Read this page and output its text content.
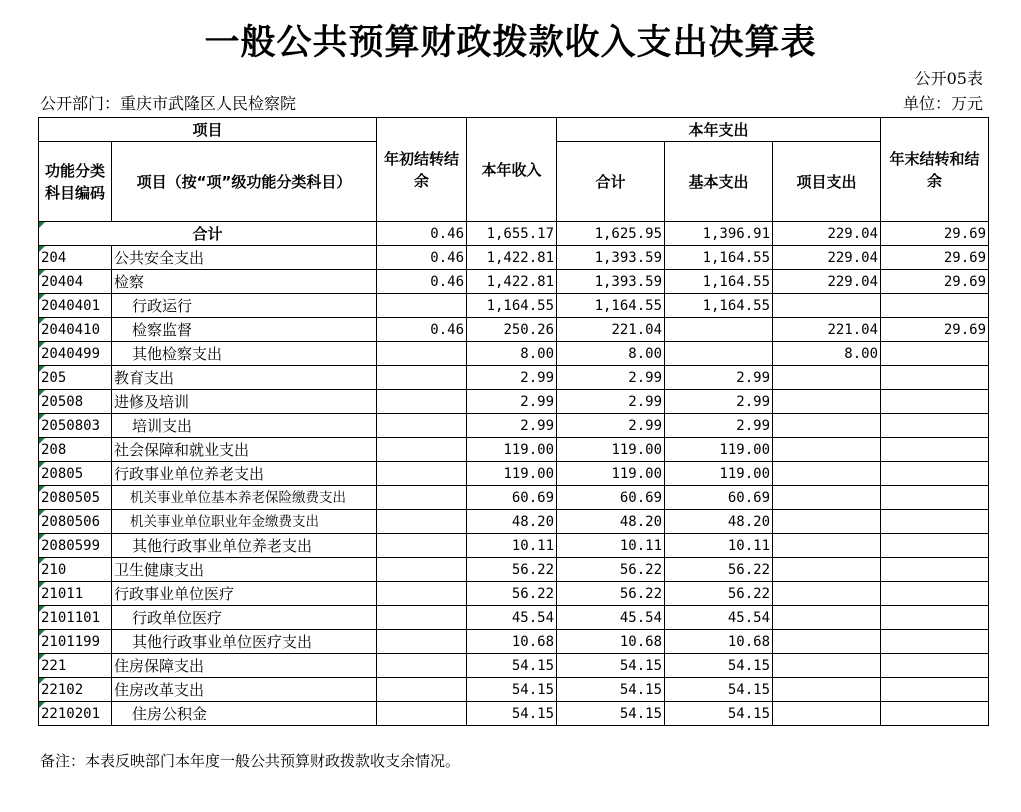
一般公共预算财政拨款收入支出决算表
公开05表
公开部门：重庆市武隆区人民检察院	单位：万元
项目		年初结转结余	本年收入	本年支出			年末结转和结余
功能分类科目编码	项目（按“项”级功能分类科目）			合计	基本支出	项目支出	
合计		0.46	1,655.17	1,625.95	1,396.91	229.04	29.69
204	公共安全支出	0.46	1,422.81	1,393.59	1,164.55	229.04	29.69
20404	检察	0.46	1,422.81	1,393.59	1,164.55	229.04	29.69
2040401	行政运行		1,164.55	1,164.55	1,164.55		
2040410	检察监督	0.46	250.26	221.04		221.04	29.69
2040499	其他检察支出		8.00	8.00		8.00	
205	教育支出		2.99	2.99	2.99		
20508	进修及培训		2.99	2.99	2.99		
2050803	培训支出		2.99	2.99	2.99		
208	社会保障和就业支出		119.00	119.00	119.00		
20805	行政事业单位养老支出		119.00	119.00	119.00		
2080505	机关事业单位基本养老保险缴费支出		60.69	60.69	60.69		
2080506	机关事业单位职业年金缴费支出		48.20	48.20	48.20		
2080599	其他行政事业单位养老支出		10.11	10.11	10.11		
210	卫生健康支出		56.22	56.22	56.22		
21011	行政事业单位医疗		56.22	56.22	56.22		
2101101	行政单位医疗		45.54	45.54	45.54		
2101199	其他行政事业单位医疗支出		10.68	10.68	10.68		
221	住房保障支出		54.15	54.15	54.15		
22102	住房改革支出		54.15	54.15	54.15		
2210201	住房公积金		54.15	54.15	54.15		
备注：本表反映部门本年度一般公共预算财政拨款收支余情况。
